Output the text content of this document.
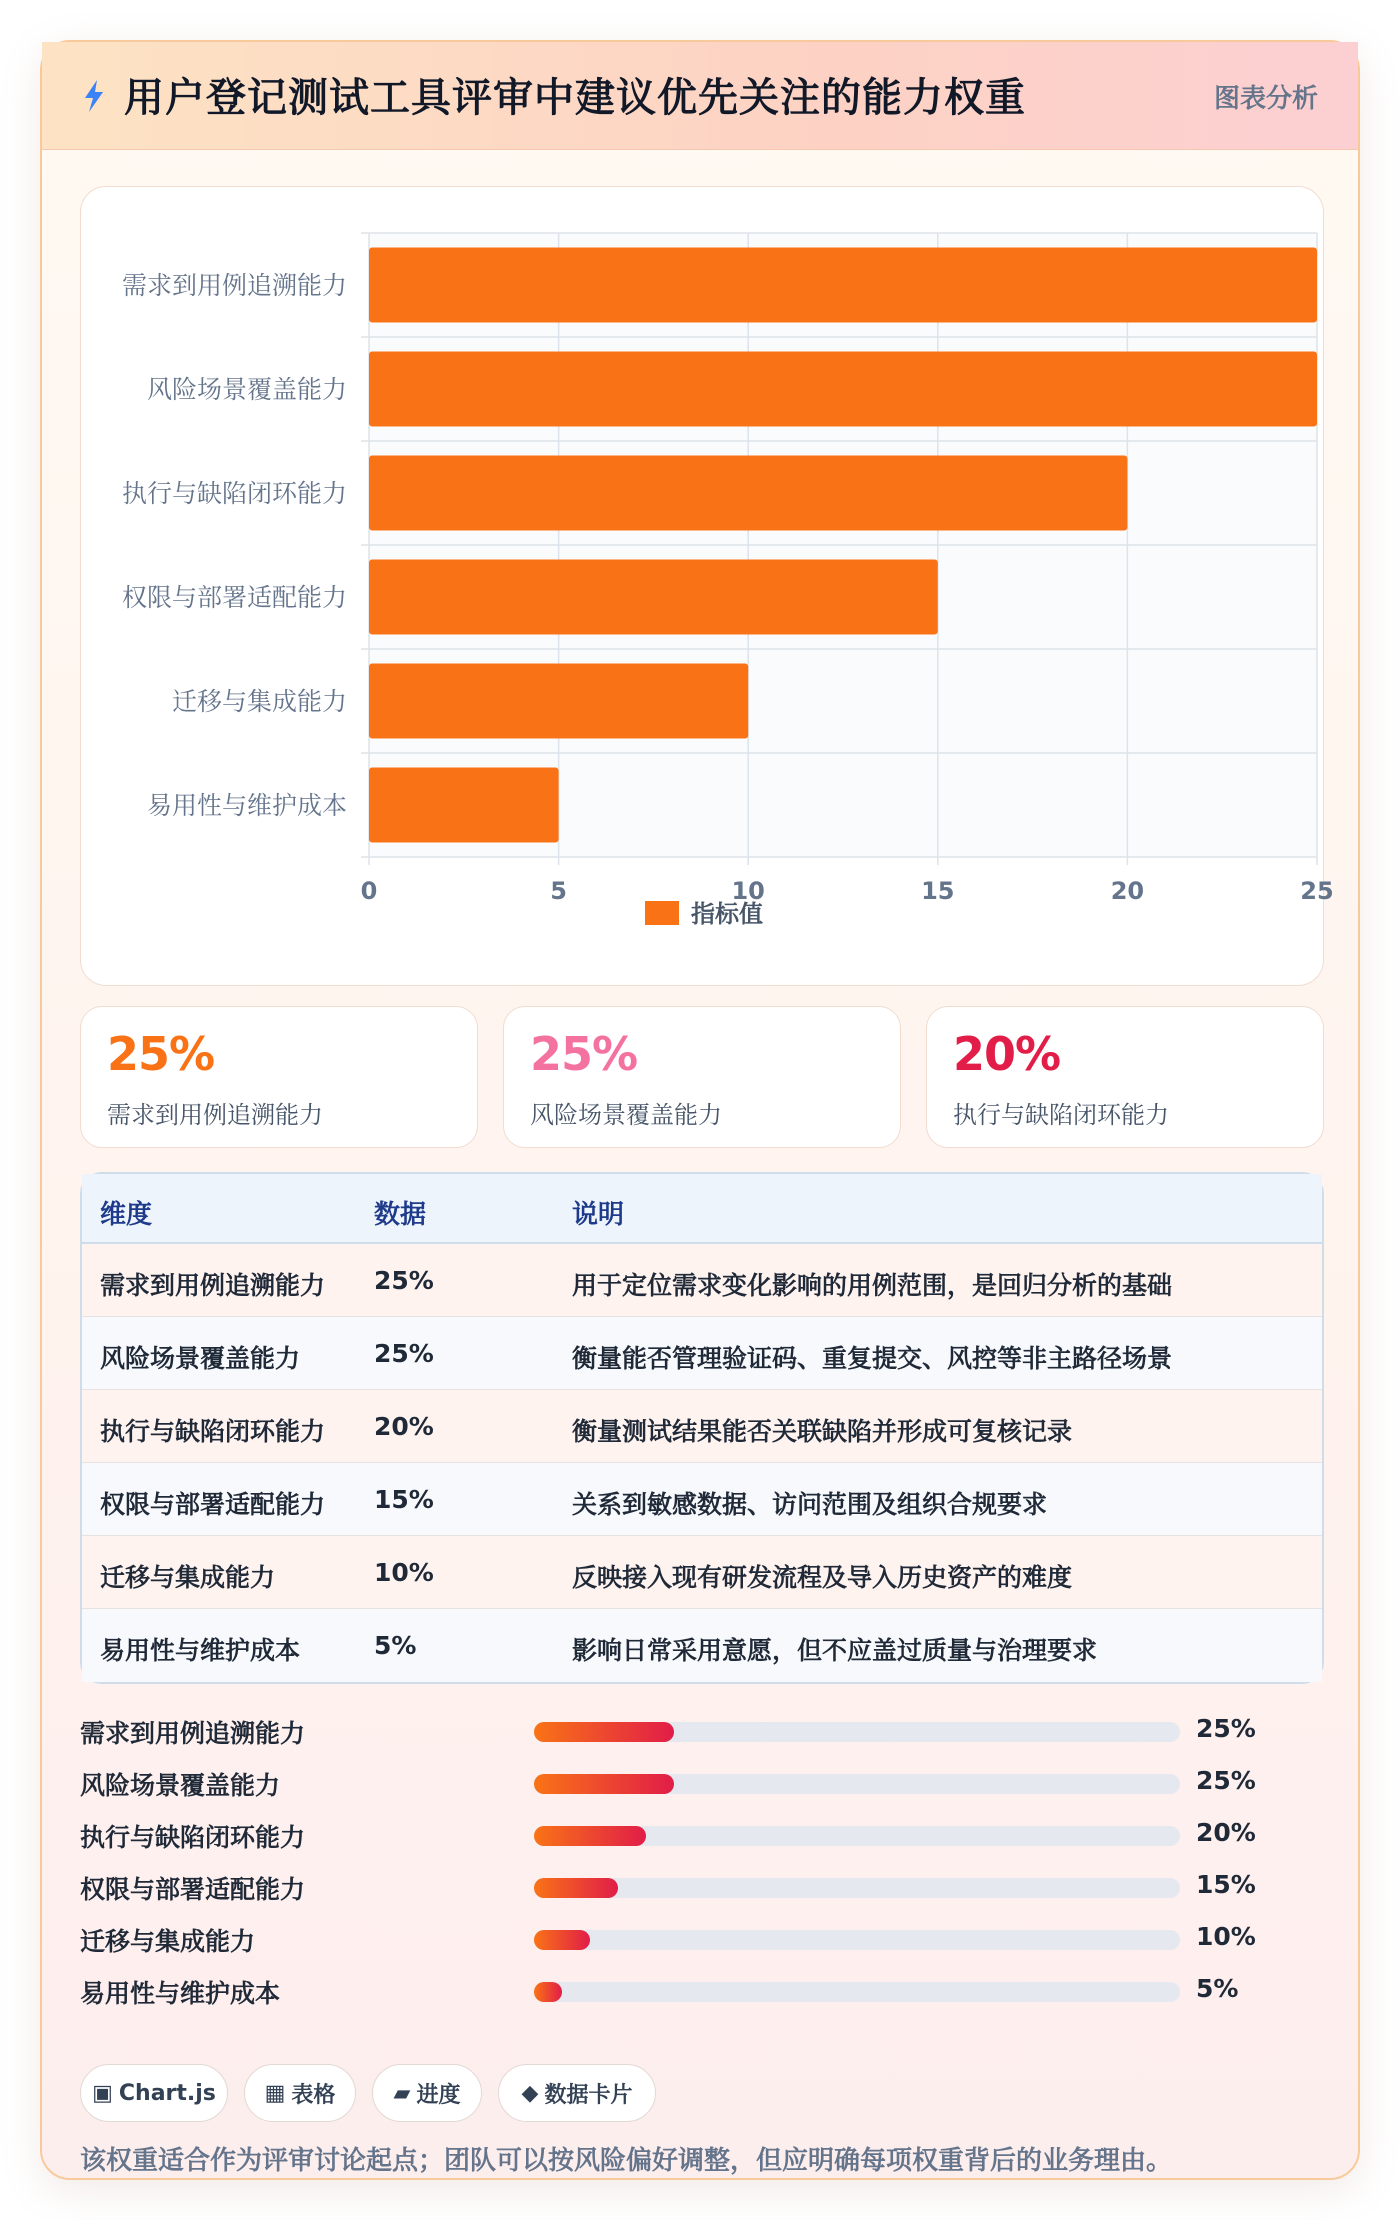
用户登记测试工具评审中建议优先关注的能力权重	图表分析
需求到用例追溯能力
风险场景覆盖能力
执行与缺陷闭环能力
权限与部署适配能力
迁移与集成能力
易用性与维护成本
0	5	10	15	20	25
指标值
25%
需求到用例追溯能力
25%
风险场景覆盖能力
20%
执行与缺陷闭环能力
维度	数据	说明
需求到用例追溯能力 25%	用于定位需求变化影响的用例范围，是回归分析的基础
风险场景覆盖能力	25%	衡量能否管理验证码、重复提交、风控等非主路径场景
执行与缺陷闭环能力 20%	衡量测试结果能否关联缺陷并形成可复核记录
权限与部署适配能力 15%	关系到敏感数据、访问范围及组织合规要求
迁移与集成能力	10%	反映接入现有研发流程及导入历史资产的难度
易用性与维护成本	5%	影响日常采用意愿，但不应盖过质量与治理要求
需求到用例追溯能力	25%
风险场景覆盖能力	25%
执行与缺陷闭环能力	20%
权限与部署适配能力	15%
迁移与集成能力	10%
易用性与维护成本	5%
▣ Chart.js ▦ 表格	▰ 进度	◆ 数据卡片
该权重适合作为评审讨论起点；团队可以按风险偏好调整，但应明确每项权重背后的业务理由。
